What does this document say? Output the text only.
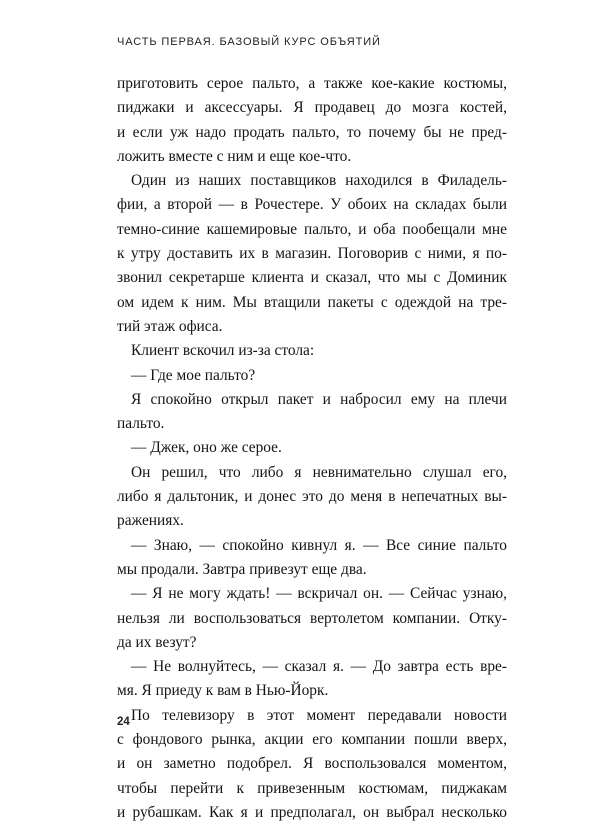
ЧАСТЬ ПЕРВАЯ. БАЗОВЫЙ КУРС ОБЪЯТИЙ
приготовить серое пальто, а также кое-какие костюмы,
пиджаки и аксессуары. Я продавец до мозга костей,
и если уж надо продать пальто, то почему бы не пред-
ложить вместе с ним и еще кое-что.
Один из наших поставщиков находился в Филадель-
фии, а второй — в Рочестере. У обоих на складах были
темно-синие кашемировые пальто, и оба пообещали мне
к утру доставить их в магазин. Поговорив с ними, я по-
звонил секретарше клиента и сказал, что мы с Доминик
ом идем к ним. Мы втащили пакеты с одеждой на тре-
тий этаж офиса.
Клиент вскочил из-за стола:
— Где мое пальто?
Я спокойно открыл пакет и набросил ему на плечи
пальто.
— Джек, оно же серое.
Он решил, что либо я невнимательно слушал его,
либо я дальтоник, и донес это до меня в непечатных вы-
ражениях.
— Знаю, — спокойно кивнул я. — Все синие пальто
мы продали. Завтра привезут еще два.
— Я не могу ждать! — вскричал он. — Сейчас узнаю,
нельзя ли воспользоваться вертолетом компании. Отку-
да их везут?
— Не волнуйтесь, — сказал я. — До завтра есть вре-
мя. Я приеду к вам в Нью-Йорк.
По телевизору в этот момент передавали новости
с фондового рынка, акции его компании пошли вверх,
и он заметно подобрел. Я воспользовался моментом,
чтобы перейти к привезенным костюмам, пиджакам
и рубашкам. Как я и предполагал, он выбрал несколько
24
